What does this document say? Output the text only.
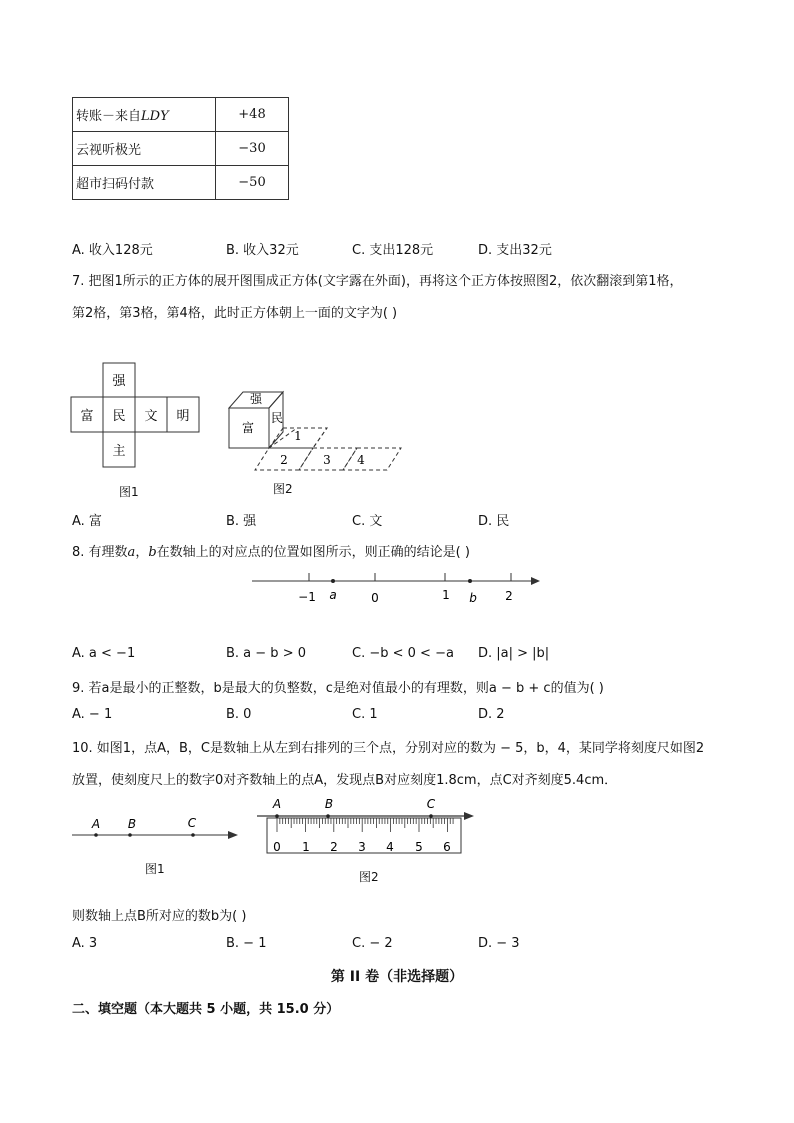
转账－来自LDY	+48
云视听极光	−30
超市扫码付款	−50
A. 收入128元	B. 收入32元	C. 支出128元	D. 支出32元
7. 把图1所示的正方体的展开图围成正方体(文字露在外面)，再将这个正方体按照图2，依次翻滚到第1格，
第2格，第3格，第4格，此时正方体朝上一面的文字为( )
强
富 民 文 明
主
图1
强
富
民
1
2	3 4
图2
A. 富	B. 强	C. 文	D. 民
8. 有理数a，b在数轴上的对应点的位置如图所示，则正确的结论是( )
−1	0	1	2
a	b
A. a < −1	B. a − b > 0	C. −b < 0 < −a D. |a| > |b|
9. 若a是最小的正整数，b是最大的负整数，c是绝对值最小的有理数，则a − b + c的值为( )
A. − 1	B. 0	C. 1	D. 2
10. 如图1，点A，B，C是数轴上从左到右排列的三个点，分别对应的数为 − 5，b，4，某同学将刻度尺如图2
放置，使刻度尺上的数字0对齐数轴上的点A，发现点B对应刻度1.8cm，点C对齐刻度5.4cm．
A B	C
图1
A	B	C
0 1 2 3 4 5 6
图2
则数轴上点B所对应的数b为( )
A. 3	B. − 1	C. − 2	D. − 3
第 II 卷（非选择题）
二、填空题（本大题共 5 小题，共 15.0 分）
